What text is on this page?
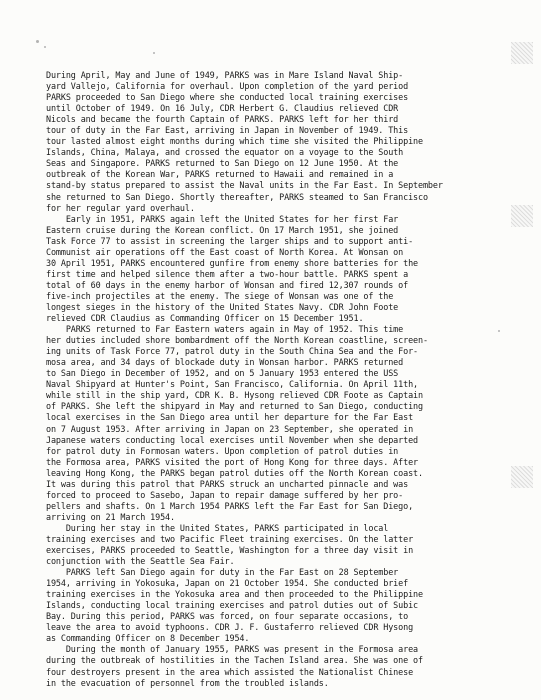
During April, May and June of 1949, PARKS was in Mare Island Naval Ship-
yard Vallejo, California for overhaul. Upon completion of the yard period
PARKS proceeded to San Diego where she conducted local training exercises
until October of 1949. On 16 July, CDR Herbert G. Claudius relieved CDR
Nicols and became the fourth Captain of PARKS. PARKS left for her third
tour of duty in the Far East, arriving in Japan in November of 1949. This
tour lasted almost eight months during which time she visited the Philippine
Islands, China, Malaya, and crossed the equator on a voyage to the South
Seas and Singapore. PARKS returned to San Diego on 12 June 1950. At the
outbreak of the Korean War, PARKS returned to Hawaii and remained in a
stand-by status prepared to assist the Naval units in the Far East. In September
she returned to San Diego. Shortly thereafter, PARKS steamed to San Francisco
for her regular yard overhaul.
Early in 1951, PARKS again left the United States for her first Far
Eastern cruise during the Korean conflict. On 17 March 1951, she joined
Task Force 77 to assist in screening the larger ships and to support anti-
Communist air operations off the East coast of North Korea. At Wonsan on
30 April 1951, PARKS encountered gunfire from enemy shore batteries for the
first time and helped silence them after a two-hour battle. PARKS spent a
total of 60 days in the enemy harbor of Wonsan and fired 12,307 rounds of
five-inch projectiles at the enemy. The siege of Wonsan was one of the
longest sieges in the history of the United States Navy. CDR John Foote
relieved CDR Claudius as Commanding Officer on 15 December 1951.
PARKS returned to Far Eastern waters again in May of 1952. This time
her duties included shore bombardment off the North Korean coastline, screen-
ing units of Task Force 77, patrol duty in the South China Sea and the For-
mosa area, and 34 days of blockade duty in Wonsan harbor. PARKS returned
to San Diego in December of 1952, and on 5 January 1953 entered the USS
Naval Shipyard at Hunter's Point, San Francisco, California. On April 11th,
while still in the ship yard, CDR K. B. Hysong relieved CDR Foote as Captain
of PARKS. She left the shipyard in May and returned to San Diego, conducting
local exercises in the San Diego area until her departure for the Far East
on 7 August 1953. After arriving in Japan on 23 September, she operated in
Japanese waters conducting local exercises until November when she departed
for patrol duty in Formosan waters. Upon completion of patrol duties in
the Formosa area, PARKS visited the port of Hong Kong for three days. After
leaving Hong Kong, the PARKS began patrol duties off the North Korean coast.
It was during this patrol that PARKS struck an uncharted pinnacle and was
forced to proceed to Sasebo, Japan to repair damage suffered by her pro-
pellers and shafts. On 1 March 1954 PARKS left the Far East for San Diego,
arriving on 21 March 1954.
During her stay in the United States, PARKS participated in local
training exercises and two Pacific Fleet training exercises. On the latter
exercises, PARKS proceeded to Seattle, Washington for a three day visit in
conjunction with the Seattle Sea Fair.
PARKS left San Diego again for duty in the Far East on 28 September
1954, arriving in Yokosuka, Japan on 21 October 1954. She conducted brief
training exercises in the Yokosuka area and then proceeded to the Philippine
Islands, conducting local training exercises and patrol duties out of Subic
Bay. During this period, PARKS was forced, on four separate occasions, to
leave the area to avoid typhoons. CDR J. F. Gustaferro relieved CDR Hysong
as Commanding Officer on 8 December 1954.
During the month of January 1955, PARKS was present in the Formosa area
during the outbreak of hostilities in the Tachen Island area. She was one of
four destroyers present in the area which assisted the Nationalist Chinese
in the evacuation of personnel from the troubled islands.
